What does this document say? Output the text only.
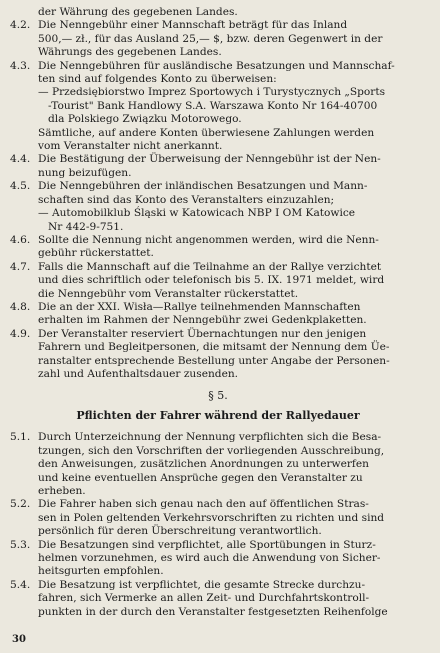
der Währung des gegebenen Landes.
4.2. Die Nenngebühr einer Mannschaft beträgt für das Inland
500,— zł., für das Ausland 25,— $, bzw. deren Gegenwert in der
Währungs des gegebenen Landes.
4.3. Die Nenngebühren für ausländische Besatzungen und Mannschaf-
ten sind auf folgendes Konto zu überweisen:
— Przedsiębiorstwo Imprez Sportowych i Turystycznych „Sports
-Tourist" Bank Handlowy S.A. Warszawa Konto Nr 164-40700
dla Polskiego Związku Motorowego.
Sämtliche, auf andere Konten überwiesene Zahlungen werden
vom Veranstalter nicht anerkannt.
4.4. Die Bestätigung der Überweisung der Nenngebühr ist der Nen-
nung beizufügen.
4.5. Die Nenngebühren der inländischen Besatzungen und Mann-
schaften sind das Konto des Veranstalters einzuzahlen;
— Automobilklub Śląski w Katowicach NBP I OM Katowice
Nr 442-9-751.
4.6. Sollte die Nennung nicht angenommen werden, wird die Nenn-
gebühr rückerstattet.
4.7. Falls die Mannschaft auf die Teilnahme an der Rallye verzichtet
und dies schriftlich oder telefonisch bis 5. IX. 1971 meldet, wird
die Nenngebühr vom Veranstalter rückerstattet.
4.8. Die an der XXI. Wisła—Rallye teilnehmenden Mannschaften
erhalten im Rahmen der Nenngebühr zwei Gedenkplaketten.
4.9. Der Veranstalter reserviert Übernachtungen nur den jenigen
Fahrern und Begleitpersonen, die mitsamt der Nennung dem Üe-
ranstalter entsprechende Bestellung unter Angabe der Personen-
zahl und Aufenthaltsdauer zusenden.
§ 5.
Pflichten der Fahrer während der Rallyedauer
5.1. Durch Unterzeichnung der Nennung verpflichten sich die Besa-
tzungen, sich den Vorschriften der vorliegenden Ausschreibung,
den Anweisungen, zusätzlichen Anordnungen zu unterwerfen
und keine eventuellen Ansprüche gegen den Veranstalter zu
erheben.
5.2. Die Fahrer haben sich genau nach den auf öffentlichen Stras-
sen in Polen geltenden Verkehrsvorschriften zu richten und sind
persönlich für deren Überschreitung verantwortlich.
5.3. Die Besatzungen sind verpflichtet, alle Sportübungen in Sturz-
helmen vorzunehmen, es wird auch die Anwendung von Sicher-
heitsgurten empfohlen.
5.4. Die Besatzung ist verpflichtet, die gesamte Strecke durchzu-
fahren, sich Vermerke an allen Zeit- und Durchfahrtskontroll-
punkten in der durch den Veranstalter festgesetzten Reihenfolge
30
